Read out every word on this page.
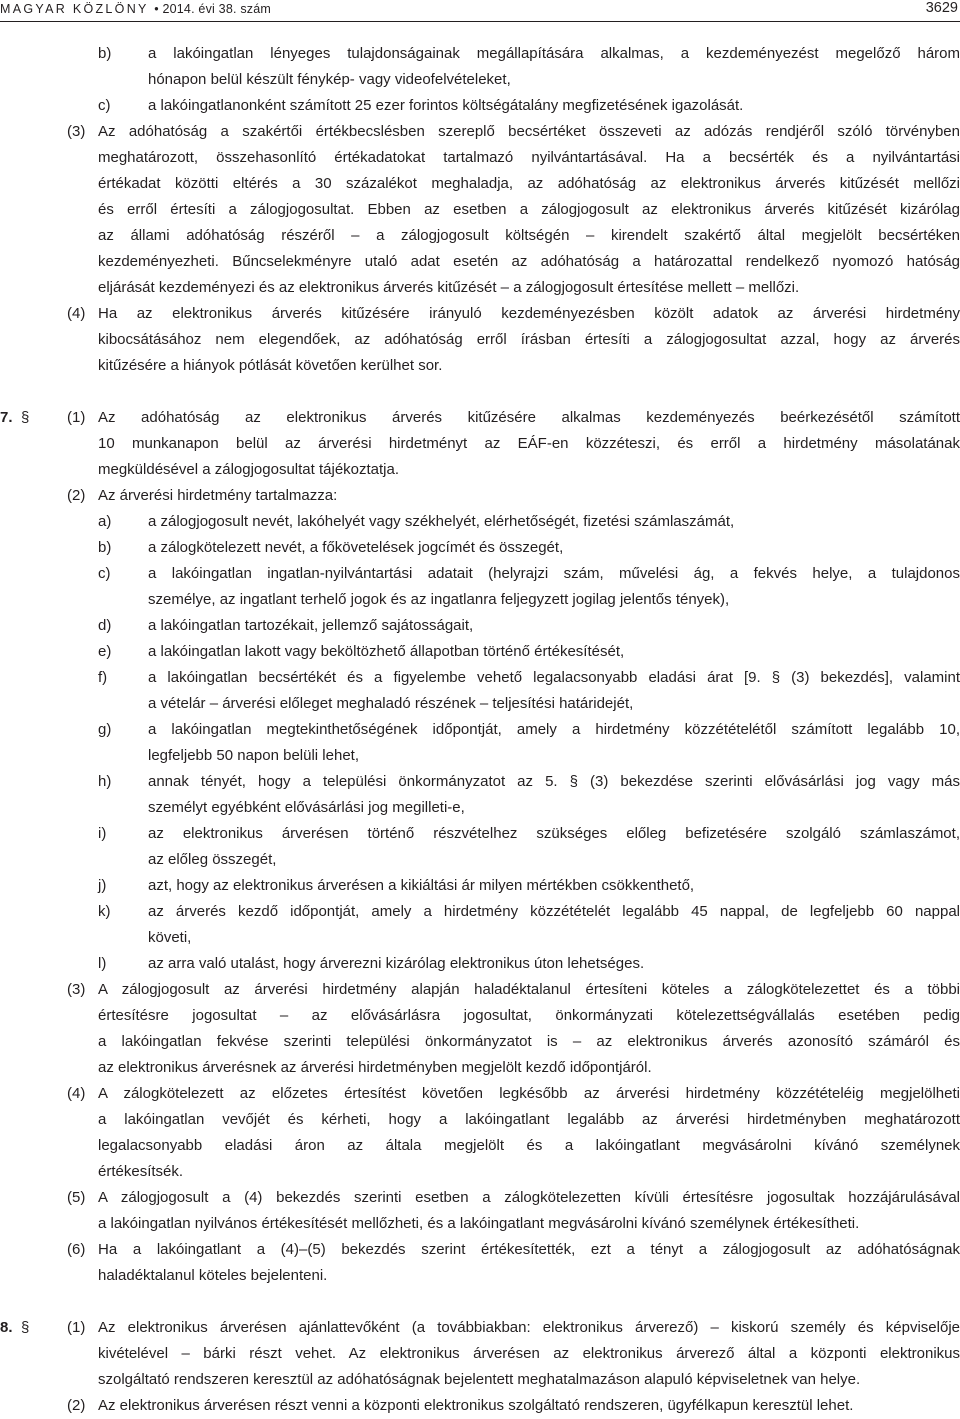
MAGYAR KÖZLÖNY • 2014. évi 38. szám	3629
b) a lakóingatlan lényeges tulajdonságainak megállapítására alkalmas, a kezdeményezést megelőző három
hónapon belül készült fénykép- vagy videofelvételeket,
c)	a lakóingatlanonként számított 25 ezer forintos költségátalány megfizetésének igazolását.
(3) Az adóhatóság a szakértői értékbecslésben szereplő becsértéket összeveti az adózás rendjéről szóló törvényben
meghatározott, összehasonlító értékadatokat tartalmazó nyilvántartásával. Ha a becsérték és a nyilvántartási
értékadat közötti eltérés a 30 százalékot meghaladja, az adóhatóság az elektronikus árverés kitűzését mellőzi
és erről értesíti a zálogjogosultat. Ebben az esetben a zálogjogosult az elektronikus árverés kitűzését kizárólag
az állami adóhatóság részéről – a zálogjogosult költségén – kirendelt szakértő által megjelölt becsértéken
kezdeményezheti. Bűncselekményre utaló adat esetén az adóhatóság a határozattal rendelkező nyomozó hatóság
eljárását kezdeményezi és az elektronikus árverés kitűzését – a zálogjogosult értesítése mellett – mellőzi.
(4) Ha az elektronikus árverés kitűzésére irányuló kezdeményezésben közölt adatok az árverési hirdetmény
kibocsátásához nem elegendőek, az adóhatóság erről írásban értesíti a zálogjogosultat azzal, hogy az árverés
kitűzésére a hiányok pótlását követően kerülhet sor.
7. §	(1) Az adóhatóság az elektronikus árverés kitűzésére alkalmas kezdeményezés beérkezésétől számított
10 munkanapon belül az árverési hirdetményt az EÁF-en közzéteszi, és erről a hirdetmény másolatának
megküldésével a zálogjogosultat tájékoztatja.
(2) Az árverési hirdetmény tartalmazza:
a) a zálogjogosult nevét, lakóhelyét vagy székhelyét, elérhetőségét, fizetési számlaszámát,
b) a zálogkötelezett nevét, a főkövetelések jogcímét és összegét,
c)	a lakóingatlan ingatlan-nyilvántartási adatait (helyrajzi szám, művelési ág, a fekvés helye, a tulajdonos
személye, az ingatlant terhelő jogok és az ingatlanra feljegyzett jogilag jelentős tények),
d) a lakóingatlan tartozékait, jellemző sajátosságait,
e) a lakóingatlan lakott vagy beköltözhető állapotban történő értékesítését,
f)	a lakóingatlan becsértékét és a figyelembe vehető legalacsonyabb eladási árat [9. § (3) bekezdés], valamint
a vételár – árverési előleget meghaladó részének – teljesítési határidejét,
g) a lakóingatlan megtekinthetőségének időpontját, amely a hirdetmény közzétételétől számított legalább 10,
legfeljebb 50 napon belüli lehet,
h) annak tényét, hogy a települési önkormányzatot az 5. § (3) bekezdése szerinti elővásárlási jog vagy más
személyt egyébként elővásárlási jog megilleti-e,
i)	az elektronikus árverésen történő részvételhez szükséges előleg befizetésére szolgáló számlaszámot,
az előleg összegét,
j)	azt, hogy az elektronikus árverésen a kikiáltási ár milyen mértékben csökkenthető,
k)	az árverés kezdő időpontját, amely a hirdetmény közzétételét legalább 45 nappal, de legfeljebb 60 nappal
követi,
l)	az arra való utalást, hogy árverezni kizárólag elektronikus úton lehetséges.
(3) A zálogjogosult az árverési hirdetmény alapján haladéktalanul értesíteni köteles a zálogkötelezettet és a többi
értesítésre jogosultat – az elővásárlásra jogosultat, önkormányzati kötelezettségvállalás esetében pedig
a lakóingatlan fekvése szerinti települési önkormányzatot is – az elektronikus árverés azonosító számáról és
az elektronikus árverésnek az árverési hirdetményben megjelölt kezdő időpontjáról.
(4) A zálogkötelezett az előzetes értesítést követően legkésőbb az árverési hirdetmény közzétételéig megjelölheti
a lakóingatlan vevőjét és kérheti, hogy a lakóingatlant legalább az árverési hirdetményben meghatározott
legalacsonyabb eladási áron az általa megjelölt és a lakóingatlant megvásárolni kívánó személynek
értékesítsék.
(5) A zálogjogosult a (4) bekezdés szerinti esetben a zálogkötelezetten kívüli értesítésre jogosultak hozzájárulásával
a lakóingatlan nyilvános értékesítését mellőzheti, és a lakóingatlant megvásárolni kívánó személynek értékesítheti.
(6) Ha a lakóingatlant a (4)–(5) bekezdés szerint értékesítették, ezt a tényt a zálogjogosult az adóhatóságnak
haladéktalanul köteles bejelenteni.
8. §	(1) Az elektronikus árverésen ajánlattevőként (a továbbiakban: elektronikus árverező) – kiskorú személy és képviselője
kivételével – bárki részt vehet. Az elektronikus árverésen az elektronikus árverező által a központi elektronikus
szolgáltató rendszeren keresztül az adóhatóságnak bejelentett meghatalmazáson alapuló képviseletnek van helye.
(2) Az elektronikus árverésen részt venni a központi elektronikus szolgáltató rendszeren, ügyfélkapun keresztül lehet.
